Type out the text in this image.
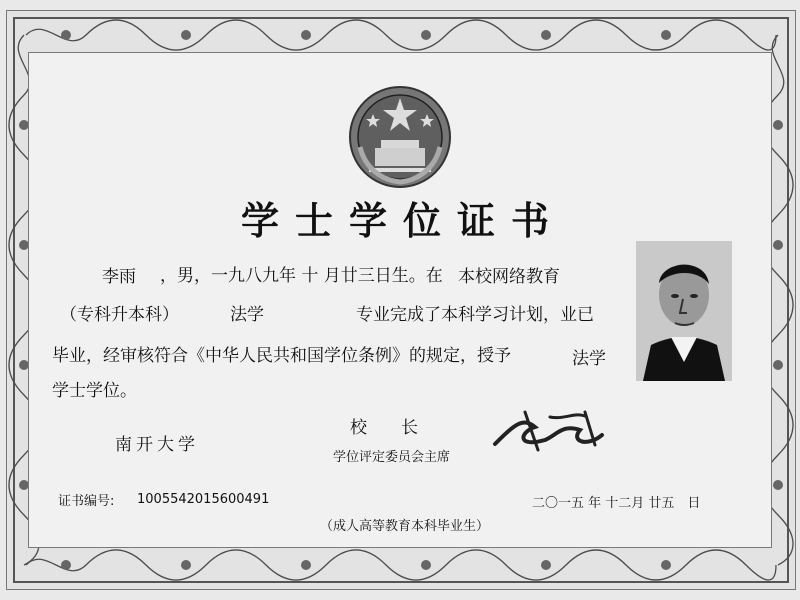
学士学位证书
李雨 ，男，一九八九年 十 月廿三日生。在 本校网络教育
（专科升本科）	法学	专业完成了本科学习计划，业已
毕业，经审核符合《中华人民共和国学位条例》的规定，授予	法学
学士学位。
南开大学
校　　长
学位评定委员会主席
证书编号: 1005542015600491	二〇一五 年 十二月 廿五　日
（成人高等教育本科毕业生）
